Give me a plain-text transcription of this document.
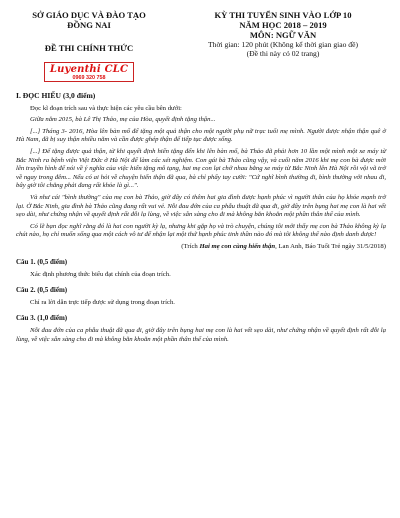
SỞ GIÁO DỤC VÀ ĐÀO TẠO
ĐỒNG NAI
ĐỀ THI CHÍNH THỨC
Luyenthi CLC
0969 320 758
KỲ THI TUYỂN SINH VÀO LỚP 10
NĂM HỌC 2018 – 2019
MÔN: NGỮ VĂN
Thời gian: 120 phút (Không kể thời gian giao đề)
(Đề thi này có 02 trang)
I. ĐỌC HIỂU (3,0 điểm)

Đọc kĩ đoạn trích sau và thực hiện các yêu cầu bên dưới:

Giữa năm 2015, bà Lê Thị Thảo, mẹ của Hòa, quyết định tặng thận...

[...] Tháng 3- 2016, Hòa lên bàn mổ để tặng một quả thận cho một người phụ nữ trạc tuổi mẹ mình. Người được nhận thận quê ở Hà Nam, đã bị suy thận nhiều năm và cần được ghép thận để tiếp tục được sống.

[...] Để tặng được quả thận, từ khi quyết định hiến tặng đến khi lên bàn mổ, bà Thảo đã phải hơn 10 lần một mình một xe máy từ Bắc Ninh ra bệnh viện Việt Đức ở Hà Nội để làm các xét nghiệm. Con gái bà Thảo cũng vậy, và cuối năm 2016 khi mẹ con bà được mời lên truyền hình để nói về ý nghĩa của việc hiến tặng mô tạng, hai mẹ con lại chở nhau bằng xe máy từ Bắc Ninh lên Hà Nội rồi vội vã trở về ngay trong đêm... Nếu có ai hỏi về chuyện hiến thận đã qua, bà chỉ phẩy tay cười: "Cứ nghĩ bình thường đi, bình thường với nhau đi, bây giờ tôi chẳng phải đang rất khỏe là gì...".

Và như cái "bình thường" của mẹ con bà Thảo, giờ đây có thêm hai gia đình được hạnh phúc vì người thân của họ khỏe mạnh trở lại. Ở Bắc Ninh, gia đình bà Thảo cũng đang rất vui vẻ. Nỗi đau đớn của ca phẫu thuật đã qua đi, giờ đây trên bụng hai mẹ con là hai vết sẹo dài, như chứng nhận về quyết định rất đỗi lạ lùng, về việc sẵn sàng cho đi mà không băn khoăn một phần thân thể của mình.

Có lẽ bạn đọc nghĩ rằng đó là hai con người kỳ lạ, nhưng khi gặp họ và trò chuyện, chúng tôi mới thấy mẹ con bà Thảo không kỳ lạ chút nào, họ chỉ muốn sống qua một cách vô tư để nhận lại một thứ hạnh phúc tinh thần nào đó mà tôi không thể nào định danh được!

(Trích Hai mẹ con cùng hiến thận, Lan Anh, Báo Tuổi Trẻ ngày 31/5/2018)

Câu 1. (0,5 điểm)

Xác định phương thức biểu đạt chính của đoạn trích.

Câu 2. (0,5 điểm)

Chỉ ra lời dẫn trực tiếp được sử dụng trong đoạn trích.

Câu 3. (1,0 điểm)

Nỗi đau đớn của ca phẫu thuật đã qua đi, giờ đây trên bụng hai mẹ con là hai vết sẹo dài, như chứng nhận về quyết định rất đỗi lạ lùng, về việc sẵn sàng cho đi mà không băn khoăn một phần thân thể của mình.
